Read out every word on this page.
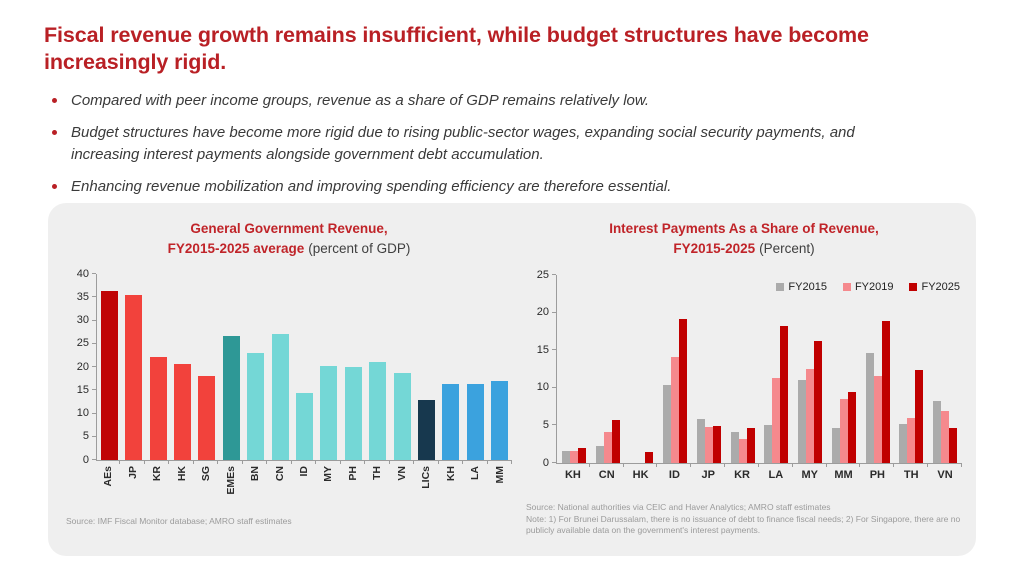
Fiscal revenue growth remains insufficient, while budget structures have become increasingly rigid.
Compared with peer income groups, revenue as a share of GDP remains relatively low.
Budget structures have become more rigid due to rising public-sector wages, expanding social security payments, and increasing interest payments alongside government debt accumulation.
Enhancing revenue mobilization and improving spending efficiency are therefore essential.
General Government Revenue,
FY2015-2025 average (percent of GDP)
0
5
10
15
20
25
30
35
40
AEs	JP	KR	HK	SG	EMEs	BN	CN	ID	MY	PH	TH	VN	LICs	KH	LA	MM
Source: IMF Fiscal Monitor database; AMRO staff estimates
Interest Payments As a Share of Revenue,
FY2015-2025 (Percent)
0
5
10
15
20
25
FY2015	FY2019	FY2025
KH	CN	HK	ID	JP	KR	LA	MY	MM	PH	TH	VN
Source: National authorities via CEIC and Haver Analytics; AMRO staff estimates
Note: 1) For Brunei Darussalam, there is no issuance of debt to finance fiscal needs; 2) For Singapore, there are no publicly available data on the government's interest payments.
